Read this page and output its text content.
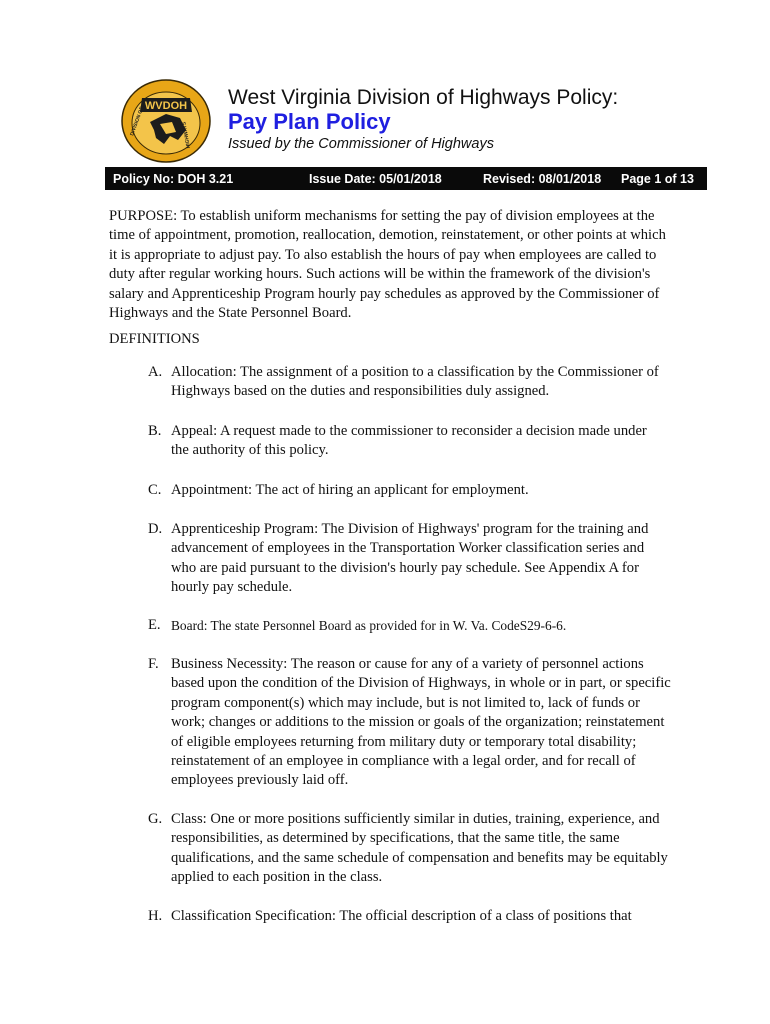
WVDOH
DIVISION OF	HIGHWAYS
West Virginia Division of Highways Policy:
Pay Plan Policy
Issued by the Commissioner of Highways
Policy No: DOH 3.21	Issue Date: 05/01/2018	Revised: 08/01/2018 Page 1 of 13
PURPOSE: To establish uniform mechanisms for setting the pay of division employees at the
time of appointment, promotion, reallocation, demotion, reinstatement, or other points at which
it is appropriate to adjust pay. To also establish the hours of pay when employees are called to
duty after regular working hours. Such actions will be within the framework of the division's
salary and Apprenticeship Program hourly pay schedules as approved by the Commissioner of
Highways and the State Personnel Board.
DEFINITIONS
A. Allocation: The assignment of a position to a classification by the Commissioner of
Highways based on the duties and responsibilities duly assigned.
B. Appeal: A request made to the commissioner to reconsider a decision made under
the authority of this policy.
C. Appointment: The act of hiring an applicant for employment.
D. Apprenticeship Program: The Division of Highways' program for the training and
advancement of employees in the Transportation Worker classification series and
who are paid pursuant to the division's hourly pay schedule. See Appendix A for
hourly pay schedule.
E. Board: The state Personnel Board as provided for in W. Va. CodeS29-6-6.
F. Business Necessity: The reason or cause for any of a variety of personnel actions
based upon the condition of the Division of Highways, in whole or in part, or specific
program component(s) which may include, but is not limited to, lack of funds or
work; changes or additions to the mission or goals of the organization; reinstatement
of eligible employees returning from military duty or temporary total disability;
reinstatement of an employee in compliance with a legal order, and for recall of
employees previously laid off.
G. Class: One or more positions sufficiently similar in duties, training, experience, and
responsibilities, as determined by specifications, that the same title, the same
qualifications, and the same schedule of compensation and benefits may be equitably
applied to each position in the class.
H. Classification Specification: The official description of a class of positions that
